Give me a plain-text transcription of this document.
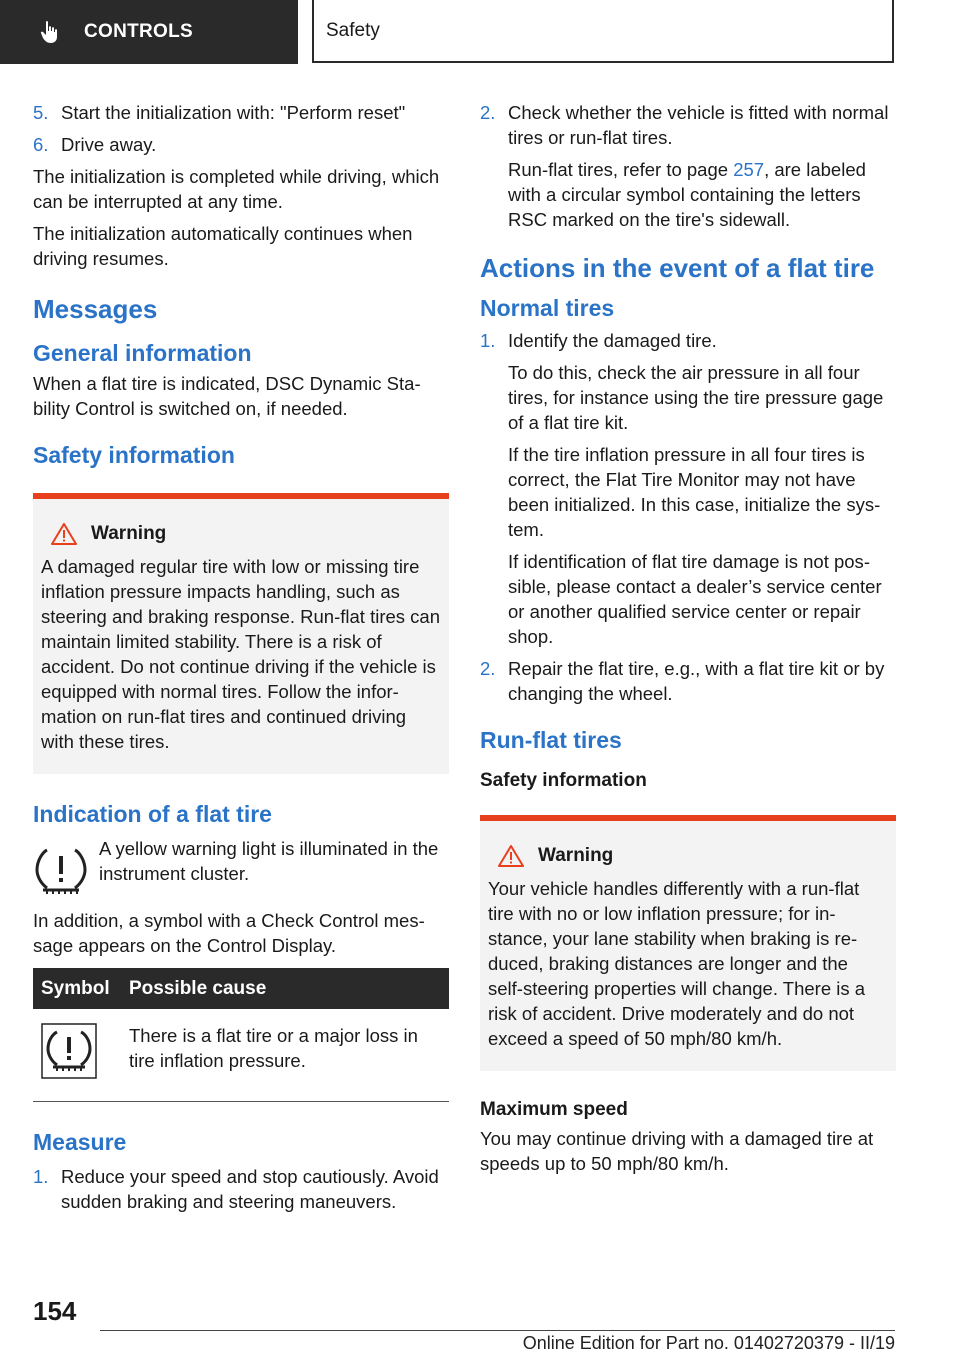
CONTROLS	Safety
5. Start the initialization with: "Perform reset"
6. Drive away.

The initialization is completed while driving, which can be interrupted at any time.

The initialization automatically continues when driving resumes.

Messages
General information

When a flat tire is indicated, DSC Dynamic Stability Control is switched on, if needed.

Safety information
Warning
A damaged regular tire with low or missing tire inflation pressure impacts handling, such as steering and braking response. Run-flat tires can maintain limited stability. There is a risk of accident. Do not continue driving if the vehicle is equipped with normal tires. Follow the information on run-flat tires and continued driving with these tires.
Indication of a flat tire
A yellow warning light is illuminated in the instrument cluster.

In addition, a symbol with a Check Control message appears on the Control Display.

Symbol	Possible cause
	There is a flat tire or a major loss in tire inflation pressure.
Measure
1. Reduce your speed and stop cautiously. Avoid sudden braking and steering maneuvers.
2. Check whether the vehicle is fitted with normal tires or run-flat tires.

Run-flat tires, refer to page 257, are labeled with a circular symbol containing the letters RSC marked on the tire's sidewall.

Actions in the event of a flat tire
Normal tires
1. Identify the damaged tire.

To do this, check the air pressure in all four tires, for instance using the tire pressure gage of a flat tire kit.

If the tire inflation pressure in all four tires is correct, the Flat Tire Monitor may not have been initialized. In this case, initialize the system.

If identification of flat tire damage is not possible, please contact a dealer’s service center or another qualified service center or repair shop.

2. Repair the flat tire, e.g., with a flat tire kit or by changing the wheel.
Run-flat tires
Safety information
Warning
Your vehicle handles differently with a run-flat tire with no or low inflation pressure; for instance, your lane stability when braking is reduced, braking distances are longer and the self-steering properties will change. There is a risk of accident. Drive moderately and do not exceed a speed of 50 mph/80 km/h.
Maximum speed

You may continue driving with a damaged tire at speeds up to 50 mph/80 km/h.

154
Online Edition for Part no. 01402720379 - II/19
